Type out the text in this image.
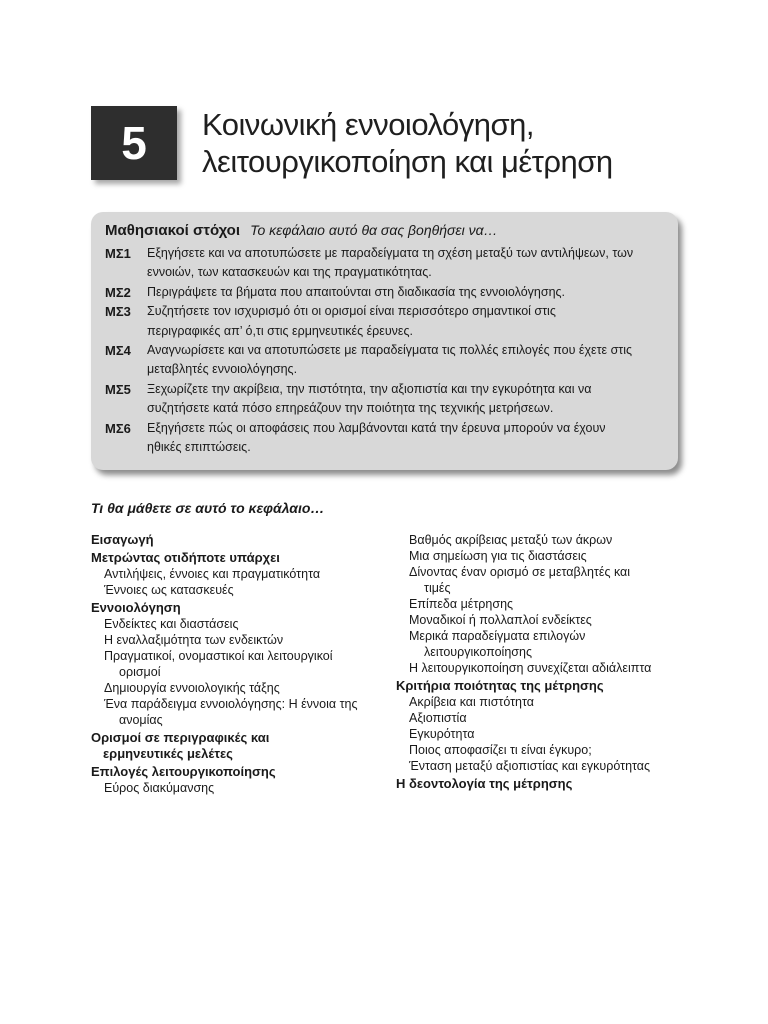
5 Κοινωνική εννοιολόγηση,
λειτουργικοποίηση και μέτρηση
Μαθησιακοί στόχοι Το κεφάλαιο αυτό θα σας βοηθήσει να…
ΜΣ1	Εξηγήσετε και να αποτυπώσετε με παραδείγματα τη σχέση μεταξύ των αντιλήψεων, των
εννοιών, των κατασκευών και της πραγματικότητας.
ΜΣ2	Περιγράψετε τα βήματα που απαιτούνται στη διαδικασία της εννοιολόγησης.
ΜΣ3	Συζητήσετε τον ισχυρισμό ότι οι ορισμοί είναι περισσότερο σημαντικοί στις
περιγραφικές απ’ ό,τι στις ερμηνευτικές έρευνες.
ΜΣ4	Αναγνωρίσετε και να αποτυπώσετε με παραδείγματα τις πολλές επιλογές που έχετε στις
μεταβλητές εννοιολόγησης.
ΜΣ5	Ξεχωρίζετε την ακρίβεια, την πιστότητα, την αξιοπιστία και την εγκυρότητα και να
συζητήσετε κατά πόσο επηρεάζουν την ποιότητα της τεχνικής μετρήσεων.
ΜΣ6	Εξηγήσετε πώς οι αποφάσεις που λαμβάνονται κατά την έρευνα μπορούν να έχουν
ηθικές επιπτώσεις.
Τι θα μάθετε σε αυτό το κεφάλαιο…
Εισαγωγή
Μετρώντας οτιδήποτε υπάρχει
Αντιλήψεις, έννοιες και πραγματικότητα
Έννοιες ως κατασκευές
Εννοιολόγηση
Ενδείκτες και διαστάσεις
Η εναλλαξιμότητα των ενδεικτών
Πραγματικοί, ονομαστικοί και λειτουργικοί
ορισμοί
Δημιουργία εννοιολογικής τάξης
Ένα παράδειγμα εννοιολόγησης: Η έννοια της
ανομίας
Ορισμοί σε περιγραφικές και
ερμηνευτικές μελέτες
Επιλογές λειτουργικοποίησης
Εύρος διακύμανσης
Βαθμός ακρίβειας μεταξύ των άκρων
Μια σημείωση για τις διαστάσεις
Δίνοντας έναν ορισμό σε μεταβλητές και
τιμές
Επίπεδα μέτρησης
Μοναδικοί ή πολλαπλοί ενδείκτες
Μερικά παραδείγματα επιλογών
λειτουργικοποίησης
Η λειτουργικοποίηση συνεχίζεται αδιάλειπτα
Κριτήρια ποιότητας της μέτρησης
Ακρίβεια και πιστότητα
Αξιοπιστία
Εγκυρότητα
Ποιος αποφασίζει τι είναι έγκυρο;
Ένταση μεταξύ αξιοπιστίας και εγκυρότητας
Η δεοντολογία της μέτρησης
